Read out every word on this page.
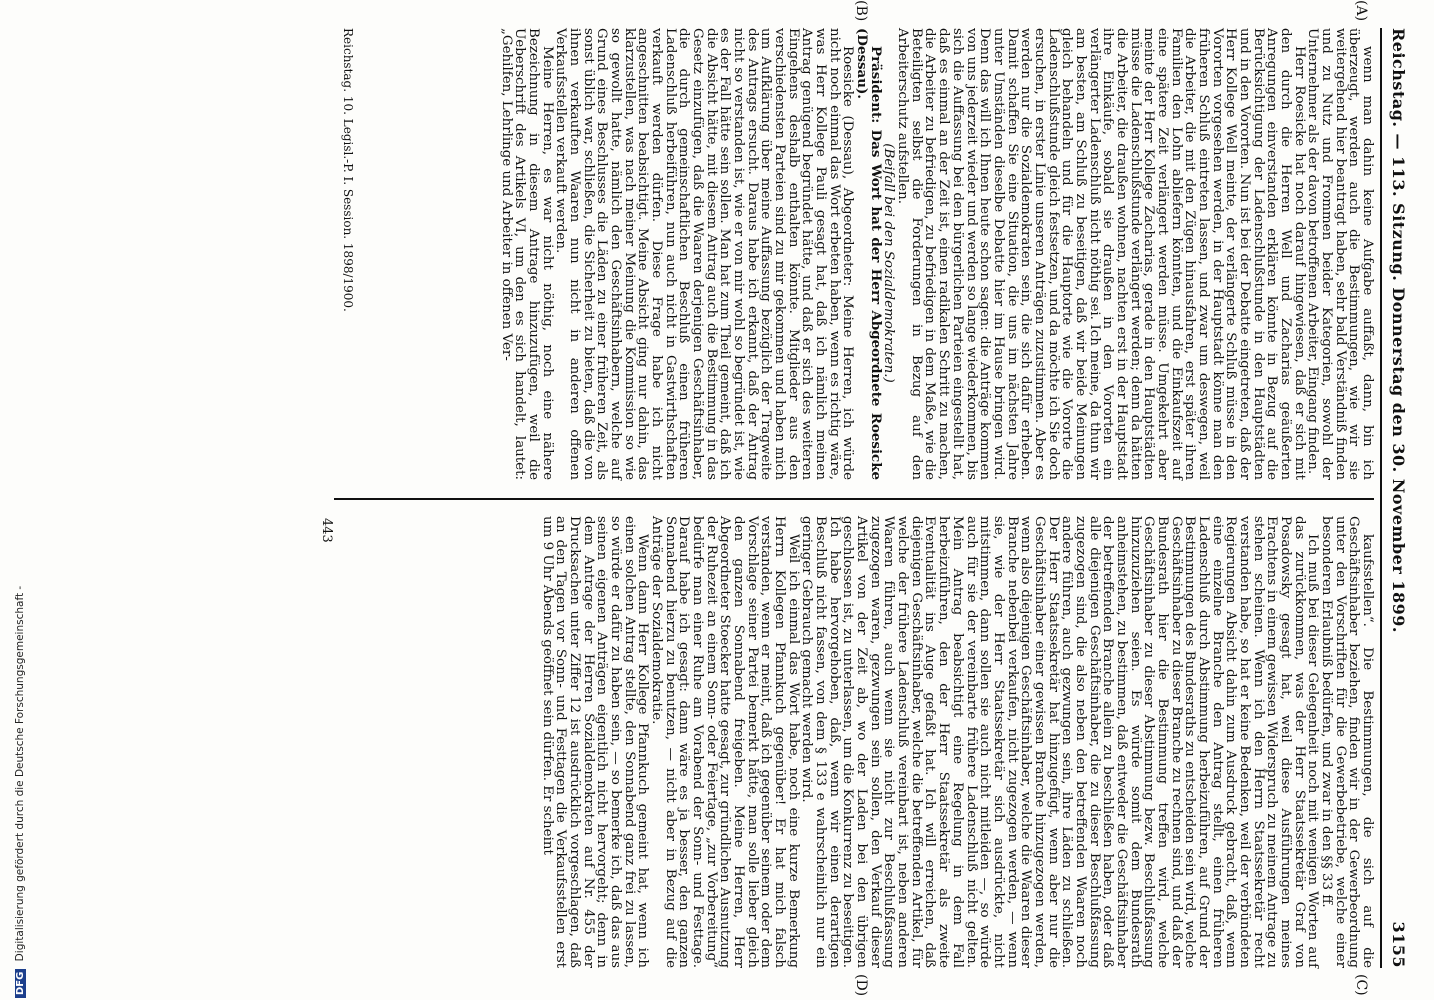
Reichstag. — 113. Sitzung. Donnerstag den 30. November 1899.
3155
(A)
(B)
(C)
(D)

wenn man dahin keine Aufgabe auffaßt, dann, bin ich überzeugt, werden auch die Bestimmungen, wie wir sie weitergehend hier beantragt haben, sehr bald Verständniß finden und zu Nutz und Frommen beider Kategorien, sowohl der Unternehmer als der davon betroffenen Arbeiter, Eingang finden.

Herr Roesicke hat noch darauf hingewiesen, daß er sich mit den durch die Herren Well und Zacharias geäußerten Anregungen einverstanden erklären könnte in Bezug auf die Berücksichtigung der Ladenschlußstunde in den Hauptstädten und in den Vororten. Nun ist bei der Debatte eingetreten, daß der Herr Kollege Well meinte, der verlängerte Schluß müsse in den Vororten vorgesehen werden, in der Hauptstadt könne man den früheren Schluß eintreten lassen, und zwar um deswegen, weil die Arbeiter, die mit den Zügen hinausfahren, erst später ihren Familien den Lohn abliefern könnten, und die Einkaufszeit auf eine spätere Zeit verlängert werden müsse. Umgekehrt aber meinte der Herr Kollege Zacharias, gerade in den Hauptstädten müsse die Ladenschlußstunde verlängert werden; denn da hätten die Arbeiter, die draußen wohnen, nachten erst in der Hauptstadt ihre Einkäufe, sobald sie draußen in den Vororten ein verlängerter Ladenschluß nicht nöthig sei. Ich meine, da thun wir am besten, am Schluß zu beseitigen, daß wir beide Meinungen gleich behandeln und für die Hauptorte wie die Vororte die Ladenschlußstunde gleich festsetzen, und da möchte ich Sie doch ersuchen, in erster Linie unseren Anträgen zuzustimmen. Aber es werden nur die Sozialdemokraten sein, die sich dafür erheben. Damit schaffen Sie eine Situation, die uns im nächsten Jahre unter Umständen dieselbe Debatte hier im Hause bringen wird. Denn das will ich Ihnen heute schon sagen: die Anträge kommen von uns jederzeit wieder und werden so lange wiederkommen, bis sich die Auffassung bei den bürgerlichen Parteien eingestellt hat, daß es einmal an der Zeit ist, einen radikalen Schritt zu machen, die Arbeiter zu befriedigen, zu befriedigen in dem Maße, wie die Beteiligten selbst die Forderungen in Bezug auf den Arbeiterschutz aufstellen.

(Beifall bei den Sozialdemokraten.)

Präsident: Das Wort hat der Herr Abgeordnete Roesicke (Dessau).

Roesicke (Dessau), Abgeordneter: Meine Herren, ich würde nicht noch einmal das Wort erbeten haben, wenn es richtig wäre, was Herr Kollege Pauli gesagt hat, daß ich nämlich meinen Antrag genügend begründet hätte, und daß er sich des weiteren Eingehens deshalb enthalten könnte. Mitglieder aus den verschiedensten Parteien sind zu mir gekommen und haben mich um Aufklärung über meine Auffassung bezüglich der Tragweite des Antrags ersucht. Daraus habe ich erkannt, daß der Antrag nicht so verstanden ist, wie er von mir wohl so begründet ist, wie es der Fall hätte sein sollen. Man hat zum Theil gemeint, daß ich die Absicht hätte, mit diesem Antrag auch die Bestimmung in das Gesetz einzufügen, daß die Waaren derjenigen Geschäftsinhaber, die durch gemeinschaftlichen Beschluß einen früheren Ladenschluß herbeiführen, nun auch nicht in Gastwirthschaften verkauft werden dürfen. Diese Frage habe ich nicht angeschnitten beabsichtigt. Meine Absicht ging nur dahin, das klarzustellen, was nach meiner Meinung die Kommission so wie so gewollt hatte, nämlich den Geschäftsinhabern, welche auf Grund eines Beschlusses die Läden zu einer früheren Zeit, als sonst üblich war, schließen, die Sicherheit zu bieten, daß die von ihnen verkauften Waaren nun nicht in anderen offenen Verkaufsstellen verkauft werden.

Meine Herren, es war nicht nöthig, noch eine nähere Bezeichnung in diesem Antrage hinzuzufügen, weil die Ueberschrift des Artikels VI, um den es sich handelt, lautet: „Gehilfen, Lehrlinge und Arbeiter in offenen Ver-

kaufsstellen“. Die Bestimmungen, die sich auf die Geschäftsinhaber beziehen, finden wir in der Gewerbeordnung unter den Vorschriften für die Gewerbebetriebe, welche einer besonderen Erlaubniß bedürfen, und zwar in den §§ 33 ff.

Ich muß bei dieser Gelegenheit noch mit wenigen Worten auf das zurückkommen, was der Herr Staatssekretär Graf von Posadowsky gesagt hat, weil diese Ausführungen meines Erachtens in einem gewissen Widerspruch zu meinem Antrage zu stehen scheinen. Wenn ich den Herrn Staatssekretär recht verstanden habe, so hat er keine Bedenken, weil der verbündeten Regierungen Absicht dahin zum Ausdruck gebracht, daß, wenn eine einzelne Branche den Antrag stellt, einen früheren Ladenschluß durch Abstimmung herbeizuführen, auf Grund der Bestimmungen des Bundesraths zu entscheiden sein wird, welche Geschäftsinhaber zu dieser Branche zu rechnen sind, und daß der Bundesrath hier die Bestimmung treffen wird, welche Geschäftsinhaber zu dieser Abstimmung bezw. Beschlußfassung hinzuzuziehen seien. Es würde somit dem Bundesrath anheimstehen, zu bestimmen, daß entweder die Geschäftsinhaber der betreffenden Branche allein zu beschließen haben, oder daß alle diejenigen Geschäftsinhaber, die zu dieser Beschlußfassung zugezogen sind, die also neben den betreffenden Waaren noch andere führen, auch gezwungen sein, ihre Läden zu schließen. Der Herr Staatssekretär hat hinzugefügt, wenn aber nur die Geschäftsinhaber einer gewissen Branche hinzugezogen werden, wenn also diejenigen Geschäftsinhaber, welche die Waaren dieser Branche nebenbei verkaufen, nicht zugezogen werden, — wenn sie, wie der Herr Staatssekretär sich ausdrückte, nicht mitstimmen, dann sollen sie auch nicht mitleiden —, so würde auch für sie der vereinbarte frühere Ladenschluß nicht gelten. Mein Antrag beabsichtigt eine Regelung in dem Fall herbeizuführen, den der Herr Staatssekretär als zweite Eventualität ins Auge gefaßt hat. Ich will erreichen, daß diejenigen Geschäftsinhaber, welche die betreffenden Artikel, für welche der frühere Ladenschluß vereinbart ist, neben anderen Waaren führen, auch wenn sie nicht zur Beschlußfassung zugezogen waren, gezwungen sein sollen, den Verkauf dieser Artikel von der Zeit ab, wo der Laden bei den übrigen geschlossen ist, zu unterlassen, um die Konkurrenz zu beseitigen. Ich habe hervorgehoben, daß, wenn wir einen derartigen Beschluß nicht fassen, von dem § 133 e wahrscheinlich nur ein geringer Gebrauch gemacht werden wird.

Weil ich einmal das Wort habe, noch eine kurze Bemerkung Herrn Kollegen Pfannkuch gegenüber! Er hat mich falsch verstanden, wenn er meint, daß ich gegenüber seinem oder dem Vorschlage seiner Partei bemerkt hätte, man solle lieber gleich den ganzen Sonnabend freigeben. Meine Herren, Herr Abgeordneter Stoecker hatte gesagt, zur gründlichen Ausnutzung der Ruhezeit an einem Sonn- oder Feiertage, „zur Vorbereitung“ bedürfe man einer Ruhe am Vorabend der Sonn- und Festtage. Darauf habe ich gesagt: dann wäre es ja besser, den ganzen Sonnabend hierzu zu benutzen, — nicht aber in Bezug auf die Anträge der Sozialdemokratie.

Wenn dann Herr Kollege Pfannkuch gemeint hat, wenn ich einen solchen Antrag stellte, den Sonnabend ganz frei zu lassen, so würde er dafür zu haben sein, — so bemerke ich, daß das aus seinen eigenen Anträgen eigentlich nicht hervorgeht; denn in dem Antrage der Herren Sozialdemokraten auf Nr. 455 der Drucksachen unter Ziffer 12 ist ausdrücklich vorgeschlagen, daß an den Tagen vor Sonn- und Festtagen die Verkaufsstellen erst um 9 Uhr Abends geöffnet sein dürfen. Er scheint

Reichstag. 10. Legisl.-P. I. Session. 1898/1900.
443
DFG Digitalisierung gefördert durch die Deutsche Forschungsgemeinschaft -
